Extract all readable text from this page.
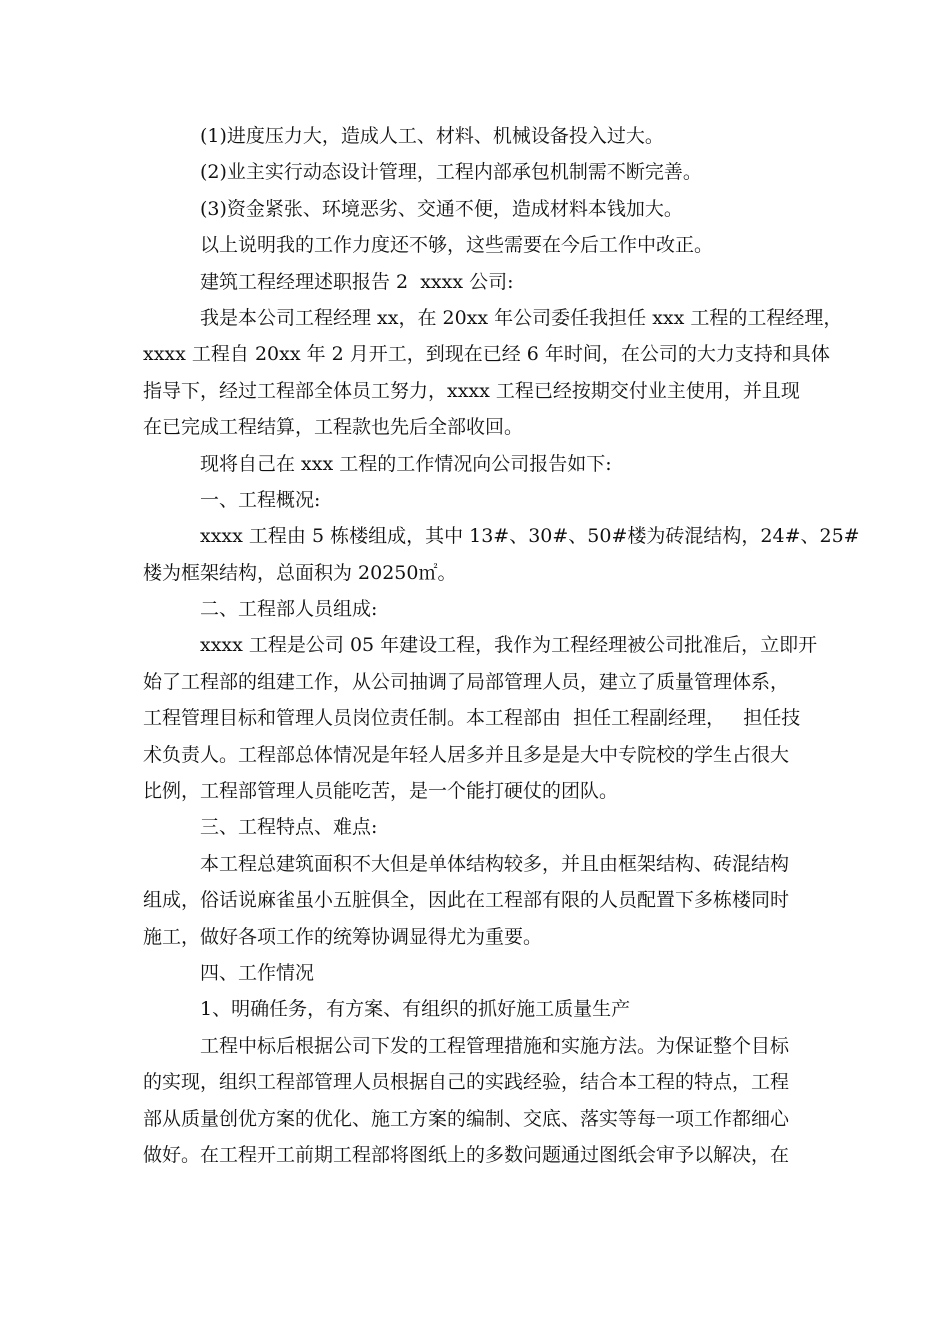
(1)进度压力大，造成人工、材料、机械设备投入过大。
(2)业主实行动态设计管理，工程内部承包机制需不断完善。
(3)资金紧张、环境恶劣、交通不便，造成材料本钱加大。
以上说明我的工作力度还不够，这些需要在今后工作中改正。
建筑工程经理述职报告 2  xxxx 公司:
我是本公司工程经理 xx，在 20xx 年公司委任我担任 xxx 工程的工程经理，
xxxx 工程自 20xx 年 2 月开工，到现在已经 6 年时间，在公司的大力支持和具体
指导下，经过工程部全体员工努力，xxxx 工程已经按期交付业主使用，并且现
在已完成工程结算，工程款也先后全部收回。
现将自己在 xxx 工程的工作情况向公司报告如下:
一、工程概况:
xxxx 工程由 5 栋楼组成，其中 13#、30#、50#楼为砖混结构，24#、25#
楼为框架结构，总面积为 20250㎡。
二、工程部人员组成:
xxxx 工程是公司 05 年建设工程，我作为工程经理被公司批准后，立即开
始了工程部的组建工作，从公司抽调了局部管理人员，建立了质量管理体系，
工程管理目标和管理人员岗位责任制。本工程部由  担任工程副经理，   担任技
术负责人。工程部总体情况是年轻人居多并且多是是大中专院校的学生占很大
比例，工程部管理人员能吃苦，是一个能打硬仗的团队。
三、工程特点、难点:
本工程总建筑面积不大但是单体结构较多，并且由框架结构、砖混结构
组成，俗话说麻雀虽小五脏俱全，因此在工程部有限的人员配置下多栋楼同时
施工，做好各项工作的统筹协调显得尤为重要。
四、工作情况
1、明确任务，有方案、有组织的抓好施工质量生产
工程中标后根据公司下发的工程管理措施和实施方法。为保证整个目标
的实现，组织工程部管理人员根据自己的实践经验，结合本工程的特点，工程
部从质量创优方案的优化、施工方案的编制、交底、落实等每一项工作都细心
做好。在工程开工前期工程部将图纸上的多数问题通过图纸会审予以解决，在
